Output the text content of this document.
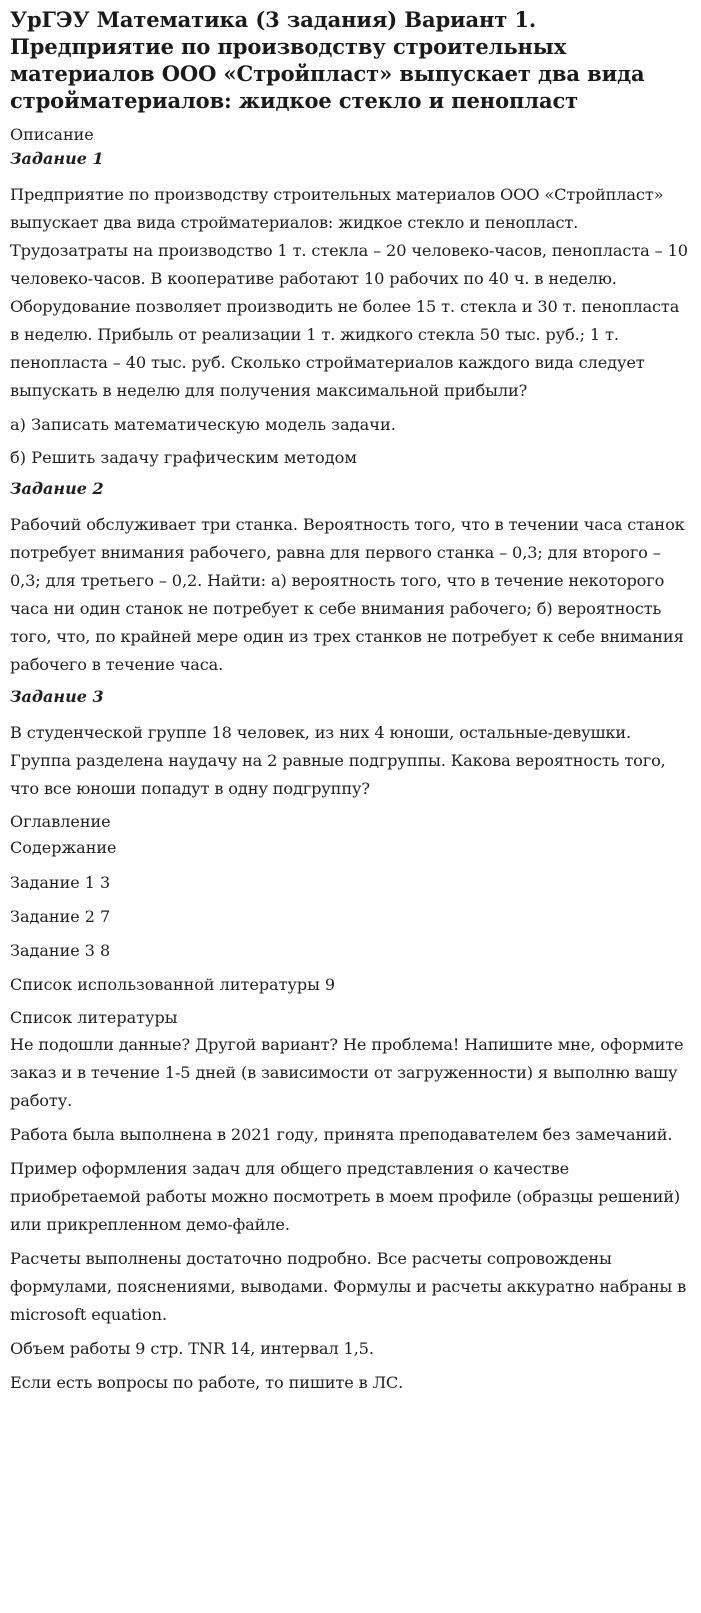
УрГЭУ Математика (3 задания) Вариант 1. Предприятие по производству строительных материалов ООО «Стройпласт» выпускает два вида стройматериалов: жидкое стекло и пенопласт
Описание
Задание 1

Предприятие по производству строительных материалов ООО «Стройпласт» выпускает два вида стройматериалов: жидкое стекло и пенопласт. Трудозатраты на производство 1 т. стекла – 20 человеко-часов, пенопласта – 10 человеко-часов. В кооперативе работают 10 рабочих по 40 ч. в неделю. Оборудование позволяет производить не более 15 т. стекла и 30 т. пенопласта в неделю. Прибыль от реализации 1 т. жидкого стекла 50 тыс. руб.; 1 т. пенопласта – 40 тыс. руб. Сколько стройматериалов каждого вида следует выпускать в неделю для получения максимальной прибыли?

а) Записать математическую модель задачи.

б) Решить задачу графическим методом

Задание 2

Рабочий обслуживает три станка. Вероятность того, что в течении часа станок потребует внимания рабочего, равна для первого станка – 0,3; для второго – 0,3; для третьего – 0,2. Найти: а) вероятность того, что в течение некоторого часа ни один станок не потребует к себе внимания рабочего; б) вероятность того, что, по крайней мере один из трех станков не потребует к себе внимания рабочего в течение часа.

Задание 3

В студенческой группе 18 человек, из них 4 юноши, остальные-девушки. Группа разделена наудачу на 2 равные подгруппы. Какова вероятность того, что все юноши попадут в одну подгруппу?

Оглавление
Содержание

Задание 1 3

Задание 2 7

Задание 3 8

Список использованной литературы 9

Список литературы

Не подошли данные? Другой вариант? Не проблема! Напишите мне, оформите заказ и в течение 1-5 дней (в зависимости от загруженности) я выполню вашу работу.

Работа была выполнена в 2021 году, принята преподавателем без замечаний.

Пример оформления задач для общего представления о качестве приобретаемой работы можно посмотреть в моем профиле (образцы решений) или прикрепленном демо-файле.

Расчеты выполнены достаточно подробно. Все расчеты сопровождены формулами, пояснениями, выводами. Формулы и расчеты аккуратно набраны в microsoft equation.

Объем работы 9 стр. TNR 14, интервал 1,5.

Если есть вопросы по работе, то пишите в ЛС.
